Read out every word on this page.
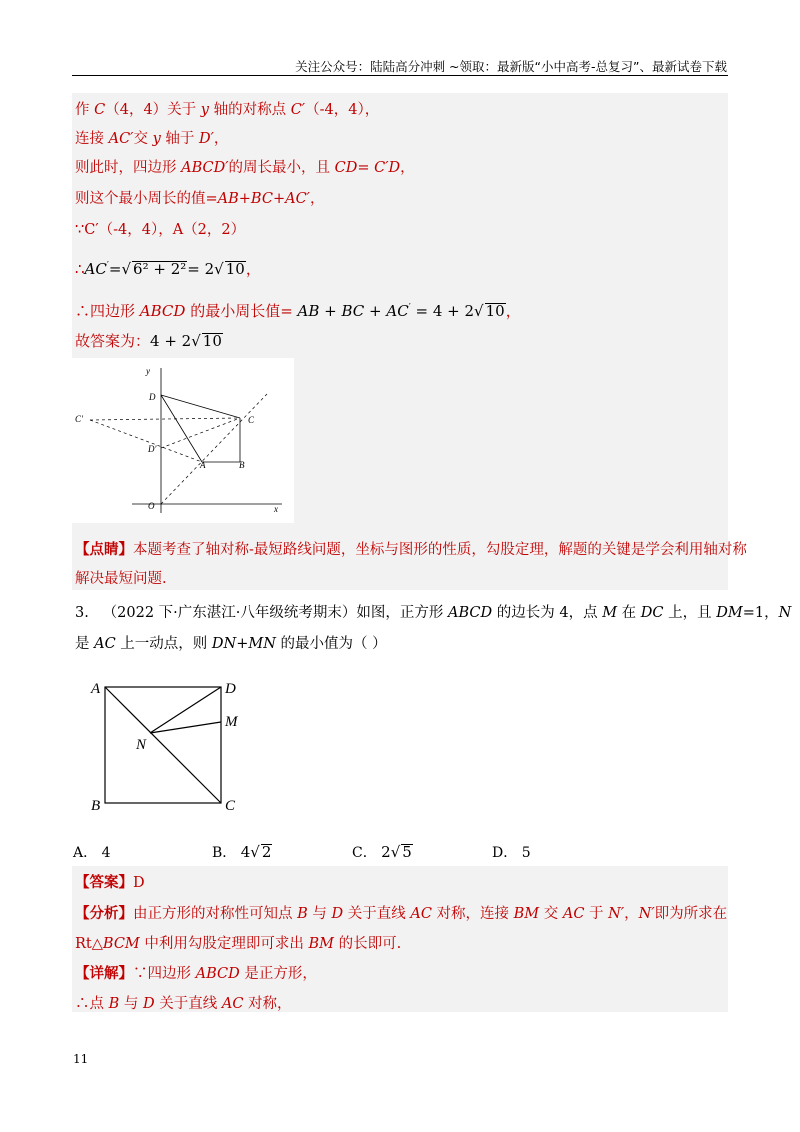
关注公众号：陆陆高分冲刺 ~领取：最新版“小中高考-总复习”、最新试卷下载
作 C（4，4）关于 y 轴的对称点 C′（-4，4），
连接 AC′交 y 轴于 D′，
则此时，四边形 ABCD′的周长最小，且 CD= C′D，
则这个最小周长的值=AB+BC+AC′，
∵C′（-4，4），A（2，2）
∴AC′=√ 6² + 2²= 2√ 10，
∴四边形 ABCD 的最小周长值= AB + BC + AC′ = 4 + 2√ 10，
故答案为：4 + 2√ 10
y
D
C′	C
D′
A	B
O	x
【点睛】本题考查了轴对称-最短路线问题，坐标与图形的性质，勾股定理，解题的关键是学会利用轴对称
解决最短问题.
3. （2022 下·广东湛江·八年级统考期末）如图，正方形 ABCD 的边长为 4，点 M 在 DC 上，且 DM=1，N
是 AC 上一动点，则 DN+MN 的最小值为（ ）
A	D
M
N
B	C
A． 4	B． 4√ 2	C． 2√ 5	D． 5
【答案】D
【分析】由正方形的对称性可知点 B 与 D 关于直线 AC 对称，连接 BM 交 AC 于 N′，N′即为所求在
Rt△BCM 中利用勾股定理即可求出 BM 的长即可.
【详解】∵四边形 ABCD 是正方形，
∴点 B 与 D 关于直线 AC 对称，
11
